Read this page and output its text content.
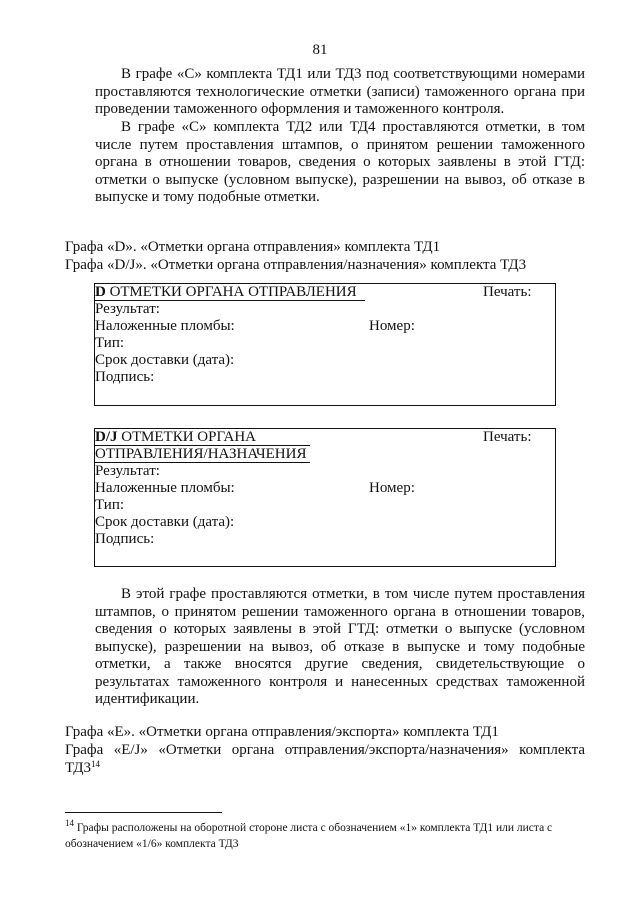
81

В графе «С» комплекта ТД1 или ТД3 под соответствующими номерами проставляются технологические отметки (записи) таможенного органа при проведении таможенного оформления и таможенного контроля.

В графе «С» комплекта ТД2 или ТД4 проставляются отметки, в том числе путем проставления штампов, о принятом решении таможенного органа в отношении товаров, сведения о которых заявлены в этой ГТД: отметки о выпуске (условном выпуске), разрешении на вывоз, об отказе в выпуске и тому подобные отметки.

Графа «D». «Отметки органа отправления» комплекта ТД1
Графа «D/J». «Отметки органа отправления/назначения» комплекта ТД3
D ОТМЕТКИ ОРГАНА ОТПРАВЛЕНИЯ	Печать:
Результат:
Наложенные пломбы:	Номер:
Тип:
Срок доставки (дата):
Подпись:
D/J ОТМЕТКИ ОРГАНА	Печать:
ОТПРАВЛЕНИЯ/НАЗНАЧЕНИЯ
Результат:
Наложенные пломбы:	Номер:
Тип:
Срок доставки (дата):
Подпись:

В этой графе проставляются отметки, в том числе путем проставления штампов, о принятом решении таможенного органа в отношении товаров, сведения о которых заявлены в этой ГТД: отметки о выпуске (условном выпуске), разрешении на вывоз, об отказе в выпуске и тому подобные отметки, а также вносятся другие сведения, свидетельствующие о результатах таможенного контроля и нанесенных средствах таможенной идентификации.

Графа «Е». «Отметки органа отправления/экспорта» комплекта ТД1
Графа «E/J» «Отметки органа отправления/экспорта/назначения» комплекта
$ТД3^{14}$
$^{14}$ Графы расположены на оборотной стороне листа с обозначением «1» комплекта ТД1 или листа с обозначением «1/6» комплекта ТД3
